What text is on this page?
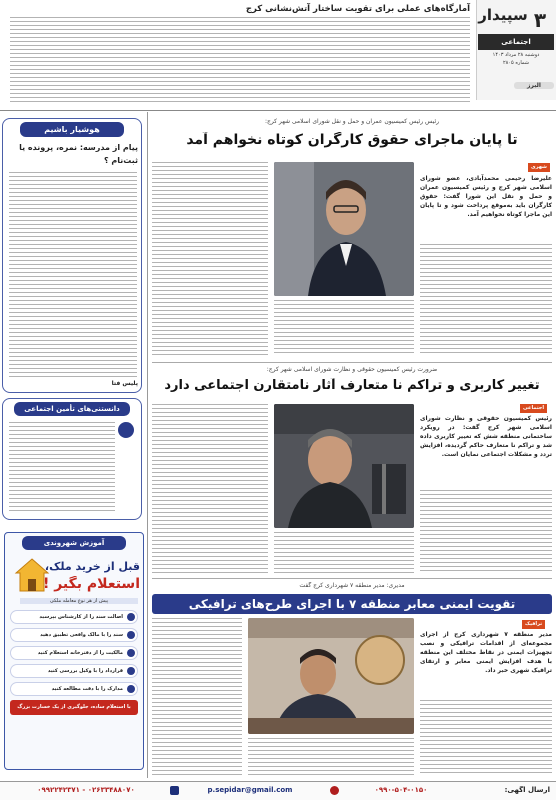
۳
سپیدار
اجتماعی
دوشنبه ۲۸ مرداد ۱۴۰۳
شماره ۲۸۰۵
البرز
آمارگاه‌های عملی برای تقویت ساختار آتش‌نشانی کرج
هوشیار باشیم
پیام از مدرسه: نمره، پرونده یا
ثبت‌نام ؟
پلیس فتا
دانستنی‌های تأمین اجتماعی
آموزش شهروندی
قبل از خرید ملک،
استعلام بگیر !
پیش از هر نوع معامله ملکی
اصالت سند را از کارشناس بپرسید
سند را با مالک واقعی تطبیق دهید
مالکیت را از دفترخانه استعلام کنید
قرارداد را با وکیل بررسی کنید
مدارک را با دقت مطالعه کنید
با استعلام ساده، جلوگیری از یک خسارت بزرگ
رئیس رئیس کمیسیون عمران و حمل و نقل شورای اسلامی شهر کرج:
تا پایان ماجرای حقوق کارگران کوتاه نخواهم آمد
شهری
علیرضا رحیمی محمدآبادی، عضو شورای اسلامی شهر کرج و رئیس کمیسیون عمران و حمل و نقل این شورا گفت: حقوق کارگران باید به‌موقع پرداخت شود و تا پایان این ماجرا کوتاه نخواهیم آمد.
ضرورت رئیس کمیسیون حقوقی و نظارت شورای اسلامی شهر کرج:
تغییر کاربری و تراکم نا متعارف آثار نامتقارن اجتماعی دارد
اجتماعی
رئیس کمیسیون حقوقی و نظارت شورای اسلامی شهر کرج گفت: در رویکرد ساختمانی منطقه شش که تغییر کاربری داده شد و تراکم نا متعارف حاکم گردیده، افزایش تردد و مشکلات اجتماعی نمایان است.
مدیری: مدیر منطقه ۷ شهرداری کرج گفت
تقویت ایمنی معابر منطقه ۷ با اجرای طرح‌های ترافیکی
ترافیک
مدیر منطقه ۷ شهرداری کرج از اجرای مجموعه‌ای از اقدامات ترافیکی و نصب تجهیزات ایمنی در نقاط مختلف این منطقه با هدف افزایش ایمنی معابر و ارتقای ترافیک شهری خبر داد.
ارسال آگهی:
۰۹۹۰-۵۰۴-۰۱۵۰
p.sepidar@gmail.com
۰۲۶۳۳۴۸۸۰۷۰ - ۰۹۹۲۲۴۲۳۷۱
